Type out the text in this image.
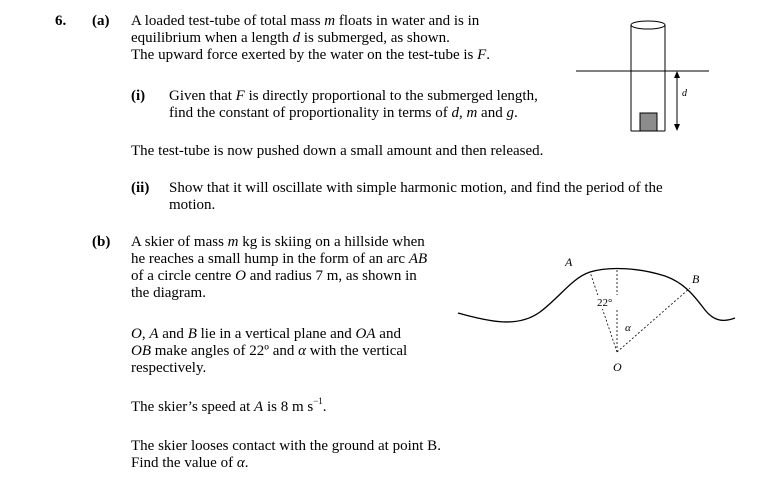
6. (a) A loaded test-tube of total mass m floats in water and is in
equilibrium when a length d is submerged, as shown.
The upward force exerted by the water on the test-tube is F.
(i) Given that F is directly proportional to the submerged length,
find the constant of proportionality in terms of d, m and g.
The test-tube is now pushed down a small amount and then released.
(ii) Show that it will oscillate with simple harmonic motion, and find the period of the
motion.
d
(b) A skier of mass m kg is skiing on a hillside when
he reaches a small hump in the form of an arc AB
of a circle centre O and radius 7 m, as shown in
the diagram.
O, A and B lie in a vertical plane and OA and
OB make angles of 22º and α with the vertical
respectively.
The skier’s speed at A is 8 m $s^{-1}$.
The skier looses contact with the ground at point B.
Find the value of α.
A
B
O
22°
α
